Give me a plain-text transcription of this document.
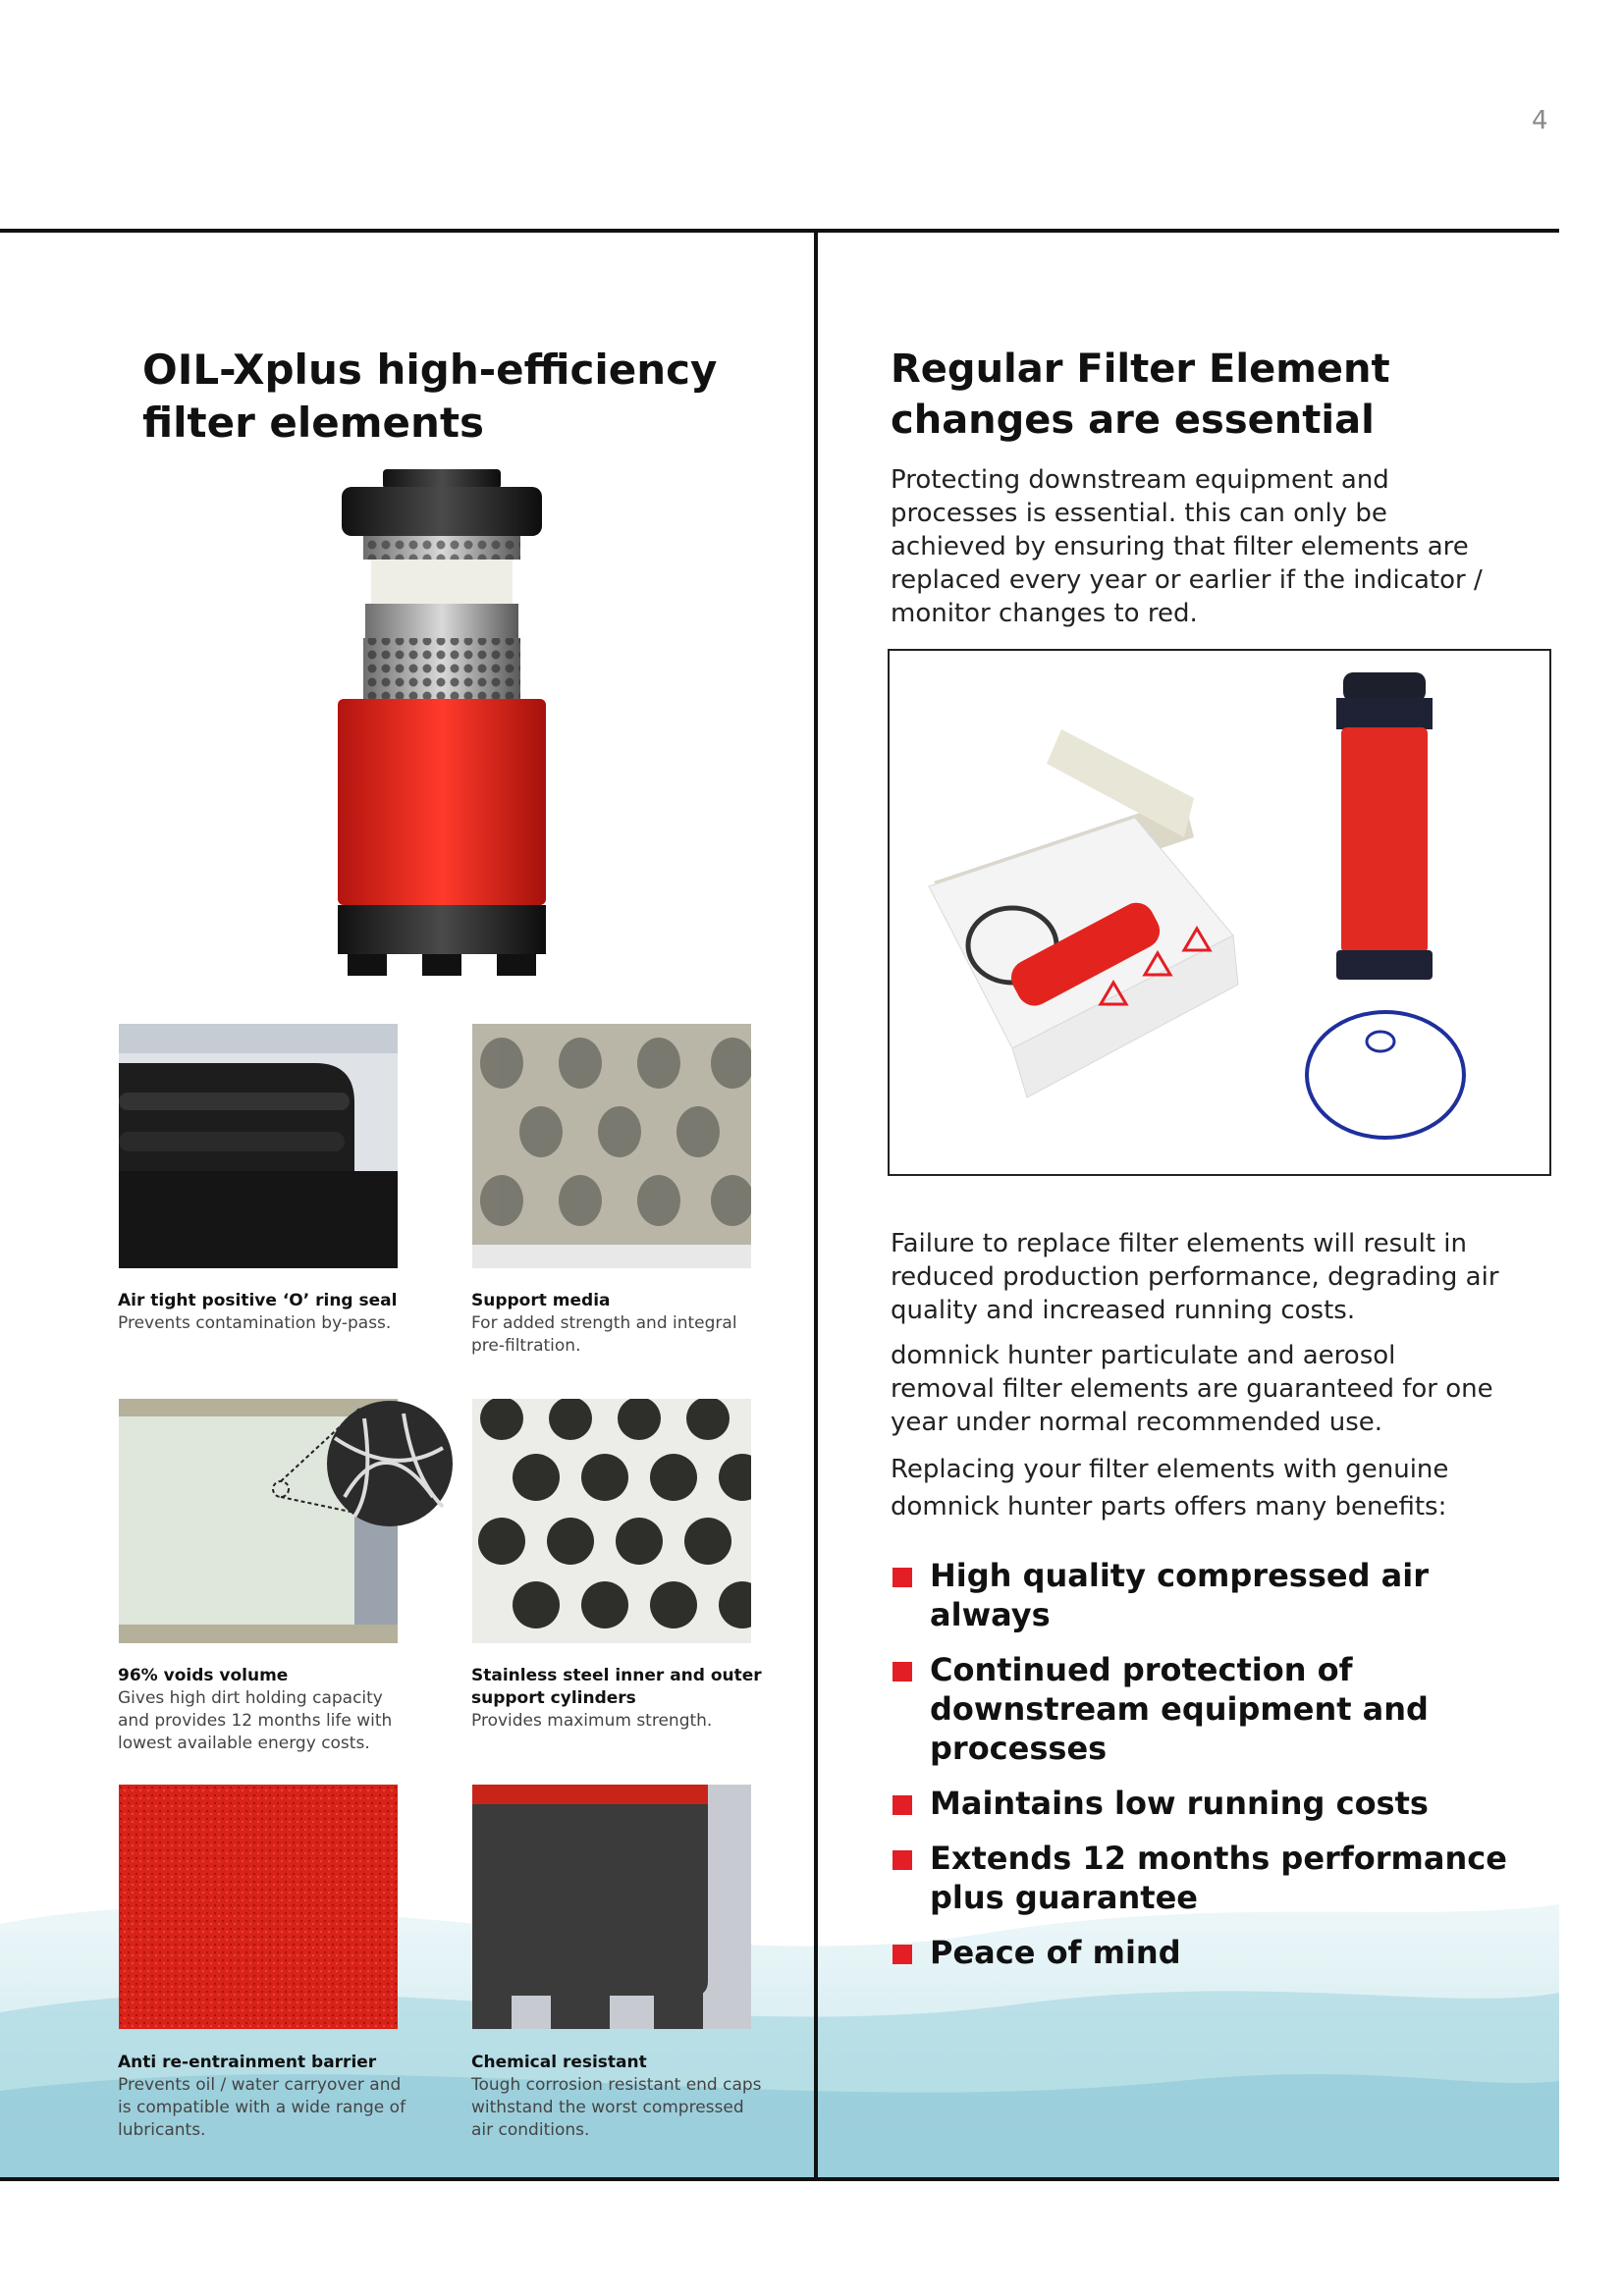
4
OIL-Xplus high-efficiency filter elements
Air tight positive ‘O’ ring seal
Prevents contamination by-pass.
Support media
For added strength and integral pre-filtration.
96% voids volume
Gives high dirt holding capacity and provides 12 months life with lowest available energy costs.
Stainless steel inner and outer support cylinders
Provides maximum strength.
Anti re-entrainment barrier
Prevents oil / water carryover and is compatible with a wide range of lubricants.
Chemical resistant
Tough corrosion resistant end caps withstand the worst compressed air conditions.
Regular Filter Element changes are essential

Protecting downstream equipment and processes is essential. this can only be achieved by ensuring that filter elements are replaced every year or earlier if the indicator / monitor changes to red.

Failure to replace filter elements will result in reduced production performance, degrading air quality and increased running costs.

domnick hunter particulate and aerosol removal filter elements are guaranteed for one year under normal recommended use.

Replacing your filter elements with genuine domnick hunter parts offers many benefits:

High quality compressed air always
Continued protection of downstream equipment and processes
Maintains low running costs
Extends 12 months performance plus guarantee
Peace of mind
